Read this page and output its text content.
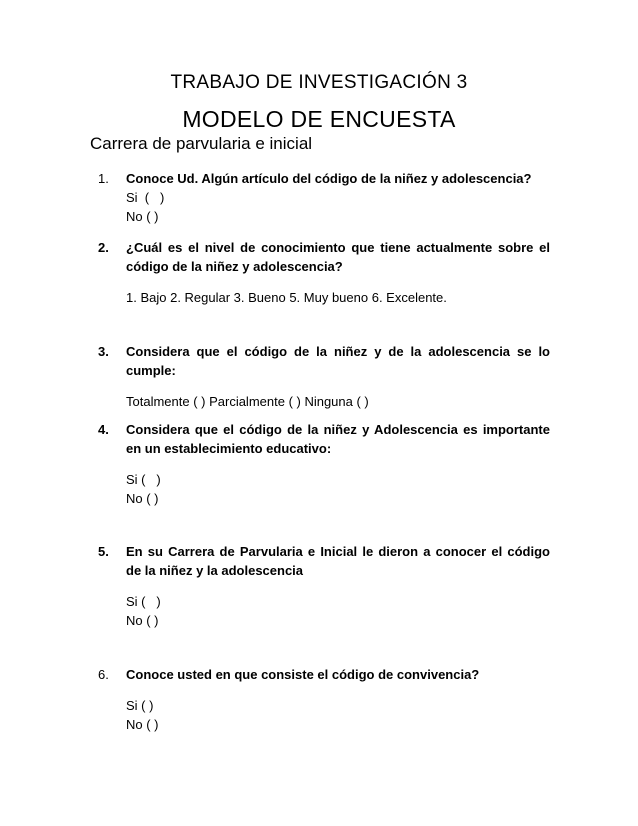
TRABAJO DE INVESTIGACIÓN 3
MODELO DE ENCUESTA
Carrera de parvularia e inicial
1. Conoce Ud. Algún artículo del código de la niñez y adolescencia?
Si  (   )
No ( )
2. ¿Cuál es el nivel de conocimiento que tiene actualmente sobre el código de la niñez y adolescencia?
1. Bajo 2. Regular 3. Bueno 5. Muy bueno 6. Excelente.
3. Considera que el código de la niñez y de la adolescencia se lo cumple:
Totalmente ( ) Parcialmente ( ) Ninguna ( )
4. Considera que el código de la niñez y Adolescencia es importante en un establecimiento educativo:
Si (   )
No ( )
5. En su Carrera de Parvularia e Inicial le dieron a conocer el código de la niñez y la adolescencia
Si (   )
No ( )
6. Conoce usted en que consiste el código de convivencia?
Si ( )
No ( )
